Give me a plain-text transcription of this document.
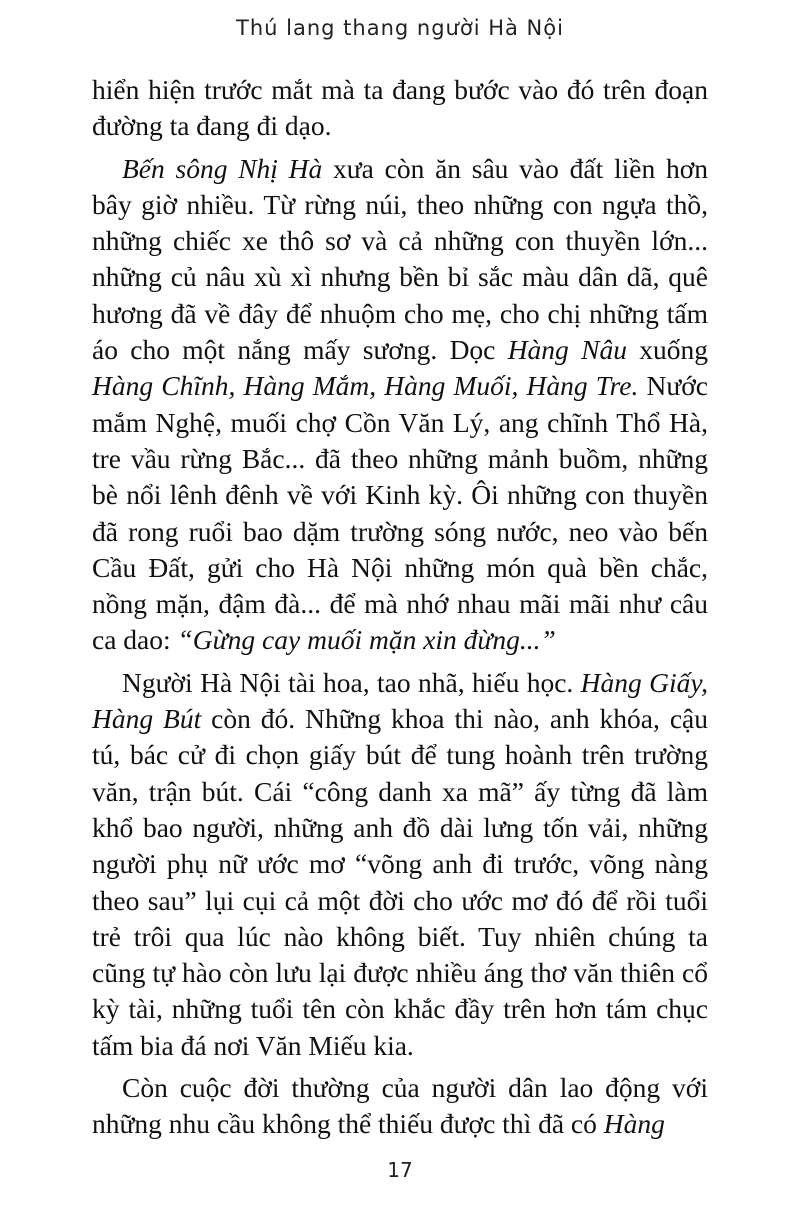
Thú lang thang người Hà Nội

hiển hiện trước mắt mà ta đang bước vào đó trên đoạn đường ta đang đi dạo.

Bến sông Nhị Hà xưa còn ăn sâu vào đất liền hơn bây giờ nhiều. Từ rừng núi, theo những con ngựa thồ, những chiếc xe thô sơ và cả những con thuyền lớn... những củ nâu xù xì nhưng bền bỉ sắc màu dân dã, quê hương đã về đây để nhuộm cho mẹ, cho chị những tấm áo cho một nắng mấy sương. Dọc Hàng Nâu xuống Hàng Chĩnh, Hàng Mắm, Hàng Muối, Hàng Tre. Nước mắm Nghệ, muối chợ Cồn Văn Lý, ang chĩnh Thổ Hà, tre vầu rừng Bắc... đã theo những mảnh buồm, những bè nổi lênh đênh về với Kinh kỳ. Ôi những con thuyền đã rong ruổi bao dặm trường sóng nước, neo vào bến Cầu Đất, gửi cho Hà Nội những món quà bền chắc, nồng mặn, đậm đà... để mà nhớ nhau mãi mãi như câu ca dao: “Gừng cay muối mặn xin đừng...”

Người Hà Nội tài hoa, tao nhã, hiếu học. Hàng Giấy, Hàng Bút còn đó. Những khoa thi nào, anh khóa, cậu tú, bác cử đi chọn giấy bút để tung hoành trên trường văn, trận bút. Cái “công danh xa mã” ấy từng đã làm khổ bao người, những anh đồ dài lưng tốn vải, những người phụ nữ ước mơ “võng anh đi trước, võng nàng theo sau” lụi cụi cả một đời cho ước mơ đó để rồi tuổi trẻ trôi qua lúc nào không biết. Tuy nhiên chúng ta cũng tự hào còn lưu lại được nhiều áng thơ văn thiên cổ kỳ tài, những tuổi tên còn khắc đầy trên hơn tám chục tấm bia đá nơi Văn Miếu kia.

Còn cuộc đời thường của người dân lao động với những nhu cầu không thể thiếu được thì đã có Hàng

17
